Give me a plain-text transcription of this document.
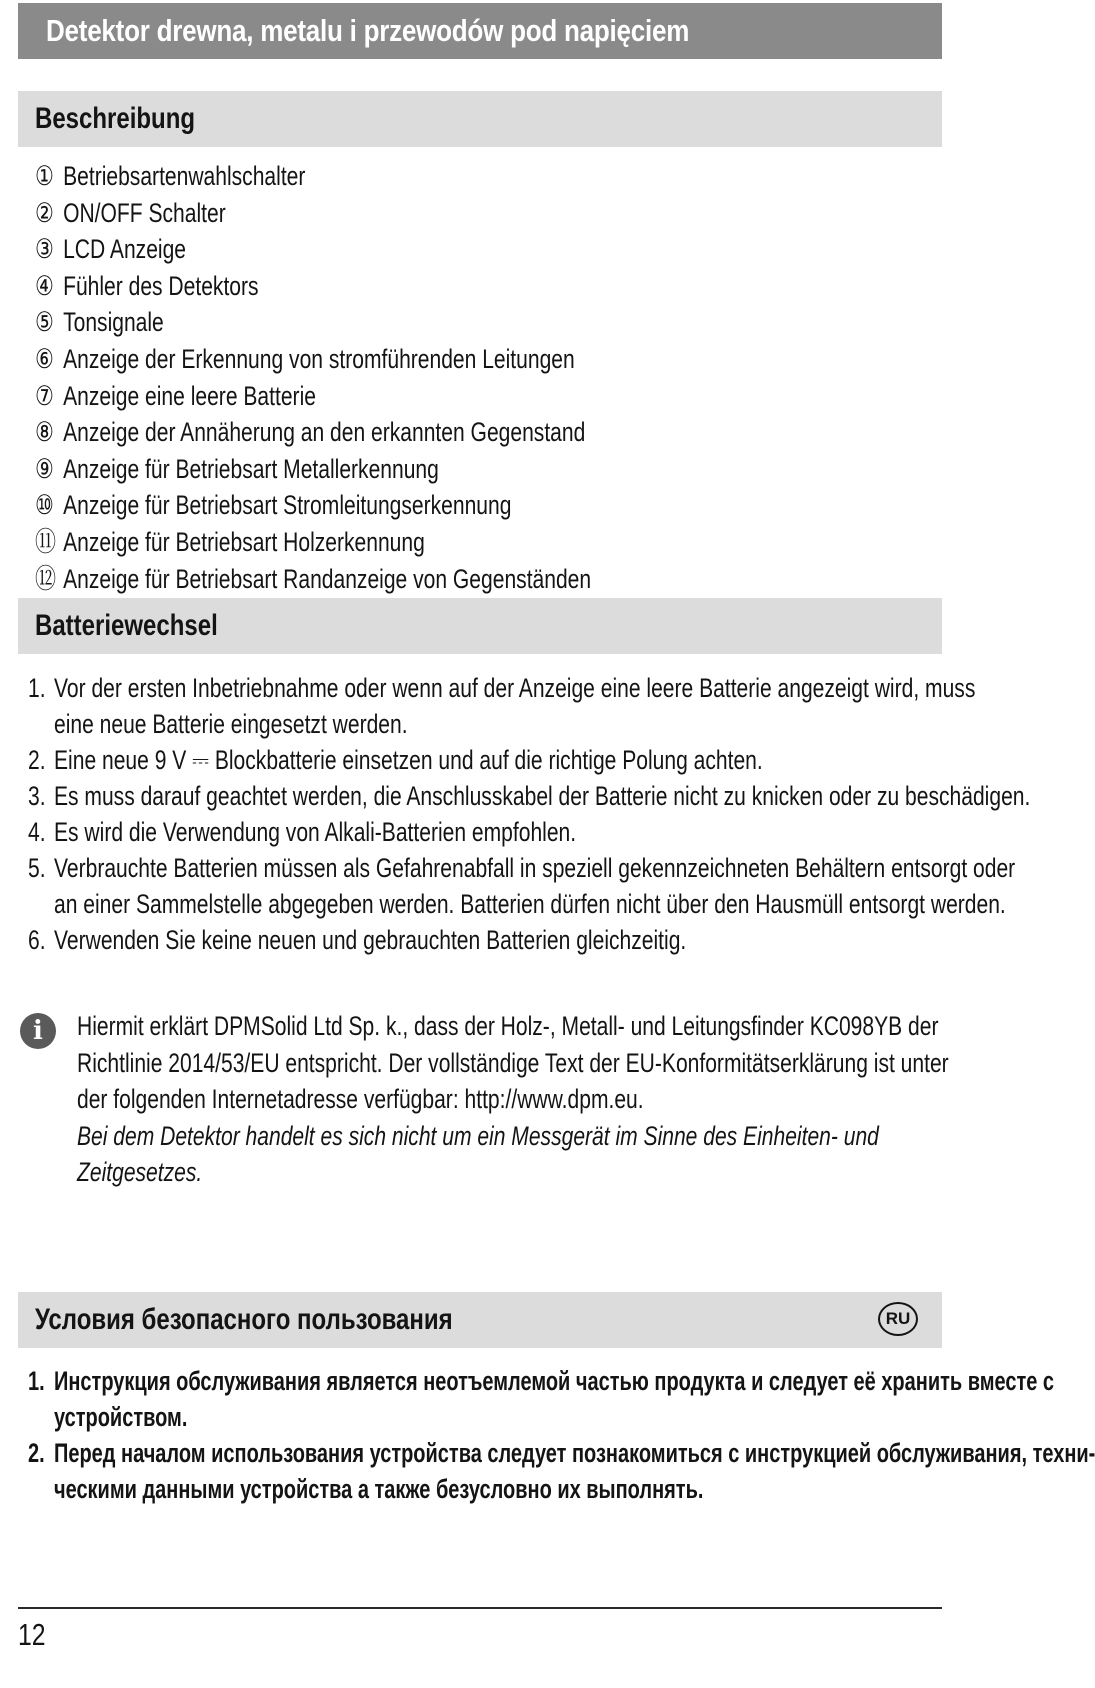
Detektor drewna, metalu i przewodów pod napięciem
Beschreibung
① Betriebsartenwahlschalter
② ON/OFF Schalter
③ LCD Anzeige
④ Fühler des Detektors
⑤ Tonsignale
⑥ Anzeige der Erkennung von stromführenden Leitungen
⑦ Anzeige eine leere Batterie
⑧ Anzeige der Annäherung an den erkannten Gegenstand
⑨ Anzeige für Betriebsart Metallerkennung
⑩ Anzeige für Betriebsart Stromleitungserkennung
⑪ Anzeige für Betriebsart Holzerkennung
⑫ Anzeige für Betriebsart Randanzeige von Gegenständen
Batteriewechsel
1. Vor der ersten Inbetriebnahme oder wenn auf der Anzeige eine leere Batterie angezeigt wird, muss
eine neue Batterie eingesetzt werden.
2. Eine neue 9 V ⎓ Blockbatterie einsetzen und auf die richtige Polung achten.
3. Es muss darauf geachtet werden, die Anschlusskabel der Batterie nicht zu knicken oder zu beschädigen.
4. Es wird die Verwendung von Alkali-Batterien empfohlen.
5. Verbrauchte Batterien müssen als Gefahrenabfall in speziell gekennzeichneten Behältern entsorgt oder
an einer Sammelstelle abgegeben werden. Batterien dürfen nicht über den Hausmüll entsorgt werden.
6. Verwenden Sie keine neuen und gebrauchten Batterien gleichzeitig.
i	Hiermit erklärt DPMSolid Ltd Sp. k., dass der Holz-, Metall- und Leitungsfinder KC098YB der
Richtlinie 2014/53/EU entspricht. Der vollständige Text der EU-Konformitätserklärung ist unter
der folgenden Internetadresse verfügbar: http://www.dpm.eu.
Bei dem Detektor handelt es sich nicht um ein Messgerät im Sinne des Einheiten- und
Zeitgesetzes.
Условия безопасного пользования	RU
1. Инструкция обслуживания является неотъемлемой частью продукта и следует её хранить вместе с
устройством.
2. Перед началом использования устройства следует познакомиться с инструкцией обслуживания, техни-
ческими данными устройства а также безусловно их выполнять.
12
